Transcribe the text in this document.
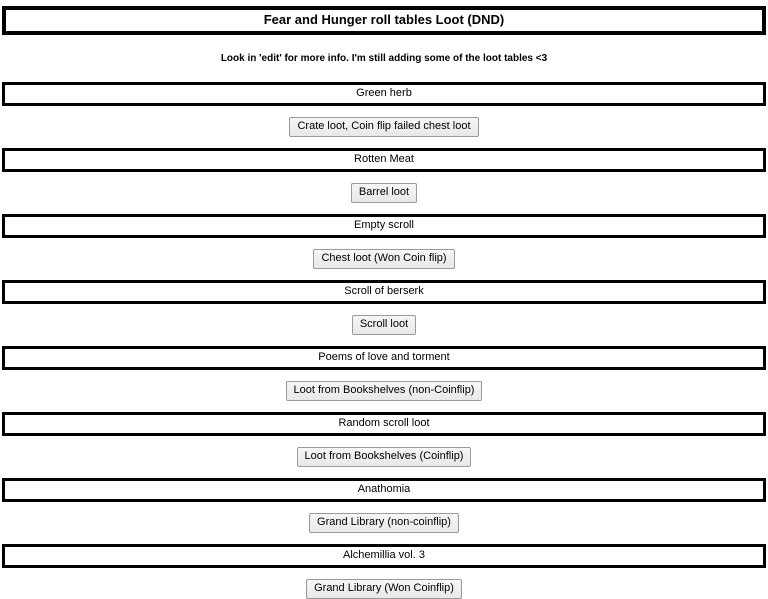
Fear and Hunger roll tables Loot (DND)
Look in 'edit' for more info. I'm still adding some of the loot tables <3
Green herb
Crate loot, Coin flip failed chest loot
Rotten Meat
Barrel loot
Empty scroll
Chest loot (Won Coin flip)
Scroll of berserk
Scroll loot
Poems of love and torment
Loot from Bookshelves (non-Coinflip)
Random scroll loot
Loot from Bookshelves (Coinflip)
Anathomia
Grand Library (non-coinflip)
Alchemillia vol. 3
Grand Library (Won Coinflip)
